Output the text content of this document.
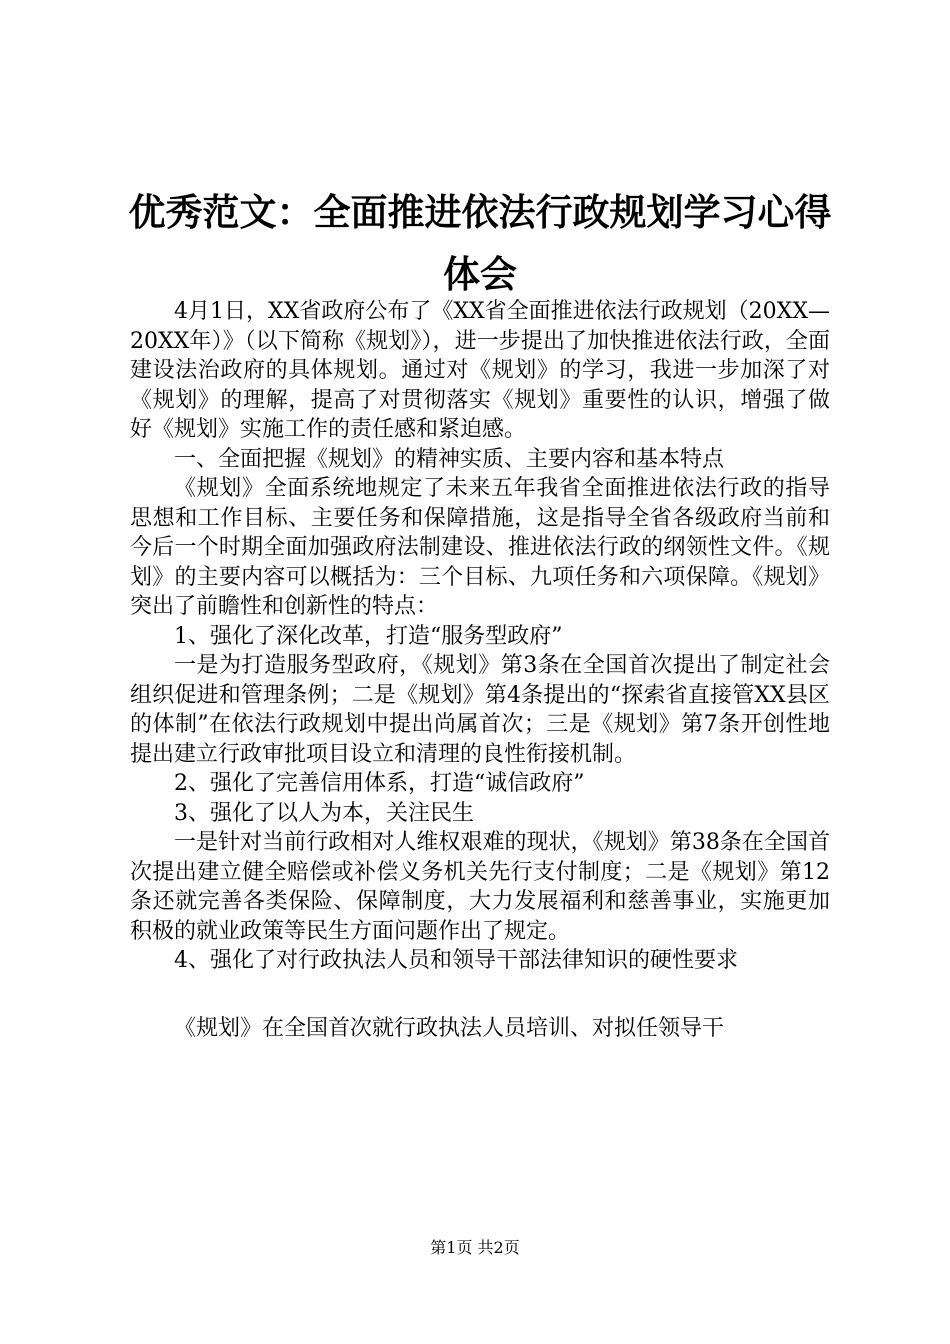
优秀范文：全面推进依法行政规划学习心得体会

4月1日，XX省政府公布了《XX省全面推进依法行政规划（20XX—20XX年）》（以下简称《规划》），进一步提出了加快推进依法行政，全面建设法治政府的具体规划。通过对《规划》的学习，我进一步加深了对《规划》的理解，提高了对贯彻落实《规划》重要性的认识，增强了做好《规划》实施工作的责任感和紧迫感。

一、全面把握《规划》的精神实质、主要内容和基本特点

《规划》全面系统地规定了未来五年我省全面推进依法行政的指导思想和工作目标、主要任务和保障措施，这是指导全省各级政府当前和今后一个时期全面加强政府法制建设、推进依法行政的纲领性文件。《规划》的主要内容可以概括为：三个目标、九项任务和六项保障。《规划》突出了前瞻性和创新性的特点：

1、强化了深化改革，打造“服务型政府”

一是为打造服务型政府，《规划》第3条在全国首次提出了制定社会组织促进和管理条例；二是《规划》第4条提出的“探索省直接管XX县区的体制”在依法行政规划中提出尚属首次；三是《规划》第7条开创性地提出建立行政审批项目设立和清理的良性衔接机制。

2、强化了完善信用体系，打造“诚信政府”

3、强化了以人为本，关注民生

一是针对当前行政相对人维权艰难的现状，《规划》第38条在全国首次提出建立健全赔偿或补偿义务机关先行支付制度；二是《规划》第12条还就完善各类保险、保障制度，大力发展福利和慈善事业，实施更加积极的就业政策等民生方面问题作出了规定。

4、强化了对行政执法人员和领导干部法律知识的硬性要求

《规划》在全国首次就行政执法人员培训、对拟任领导干

第1页 共2页
